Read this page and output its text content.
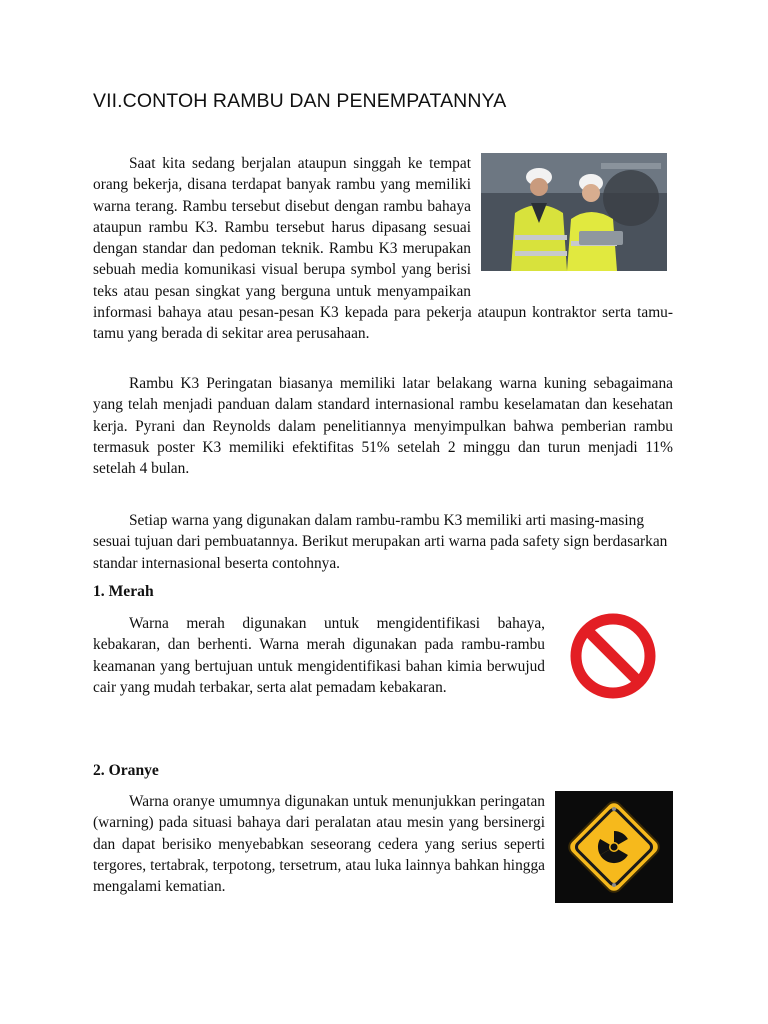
VII.CONTOH RAMBU DAN PENEMPATANNYA
Saat kita sedang berjalan ataupun singgah ke tempat orang bekerja, disana terdapat banyak rambu yang memiliki warna terang. Rambu tersebut disebut dengan rambu bahaya ataupun rambu K3. Rambu tersebut harus dipasang sesuai dengan standar dan pedoman teknik. Rambu K3 merupakan sebuah media komunikasi visual berupa symbol yang berisi teks atau pesan singkat yang berguna untuk menyampaikan informasi bahaya atau pesan-pesan K3 kepada para pekerja ataupun kontraktor serta tamu-tamu yang berada di sekitar area perusahaan.

Rambu K3 Peringatan biasanya memiliki latar belakang warna kuning sebagaimana yang telah menjadi panduan dalam standard internasional rambu keselamatan dan kesehatan kerja. Pyrani dan Reynolds dalam penelitiannya menyimpulkan bahwa pemberian rambu termasuk poster K3 memiliki efektifitas 51% setelah 2 minggu dan turun menjadi 11% setelah 4 bulan.

Setiap warna yang digunakan dalam rambu-rambu K3 memiliki arti masing-masing sesuai tujuan dari pembuatannya. Berikut merupakan arti warna pada safety sign berdasarkan standar internasional beserta contohnya.

1. Merah

Warna merah digunakan untuk mengidentifikasi bahaya, kebakaran, dan berhenti. Warna merah digunakan pada rambu-rambu keamanan yang bertujuan untuk mengidentifikasi bahan kimia berwujud cair yang mudah terbakar, serta alat pemadam kebakaran.

2. Oranye

Warna oranye umumnya digunakan untuk menunjukkan peringatan (warning) pada situasi bahaya dari peralatan atau mesin yang bersinergi dan dapat berisiko menyebabkan seseorang cedera yang serius seperti tergores, tertabrak, terpotong, tersetrum, atau luka lainnya bahkan hingga mengalami kematian.
